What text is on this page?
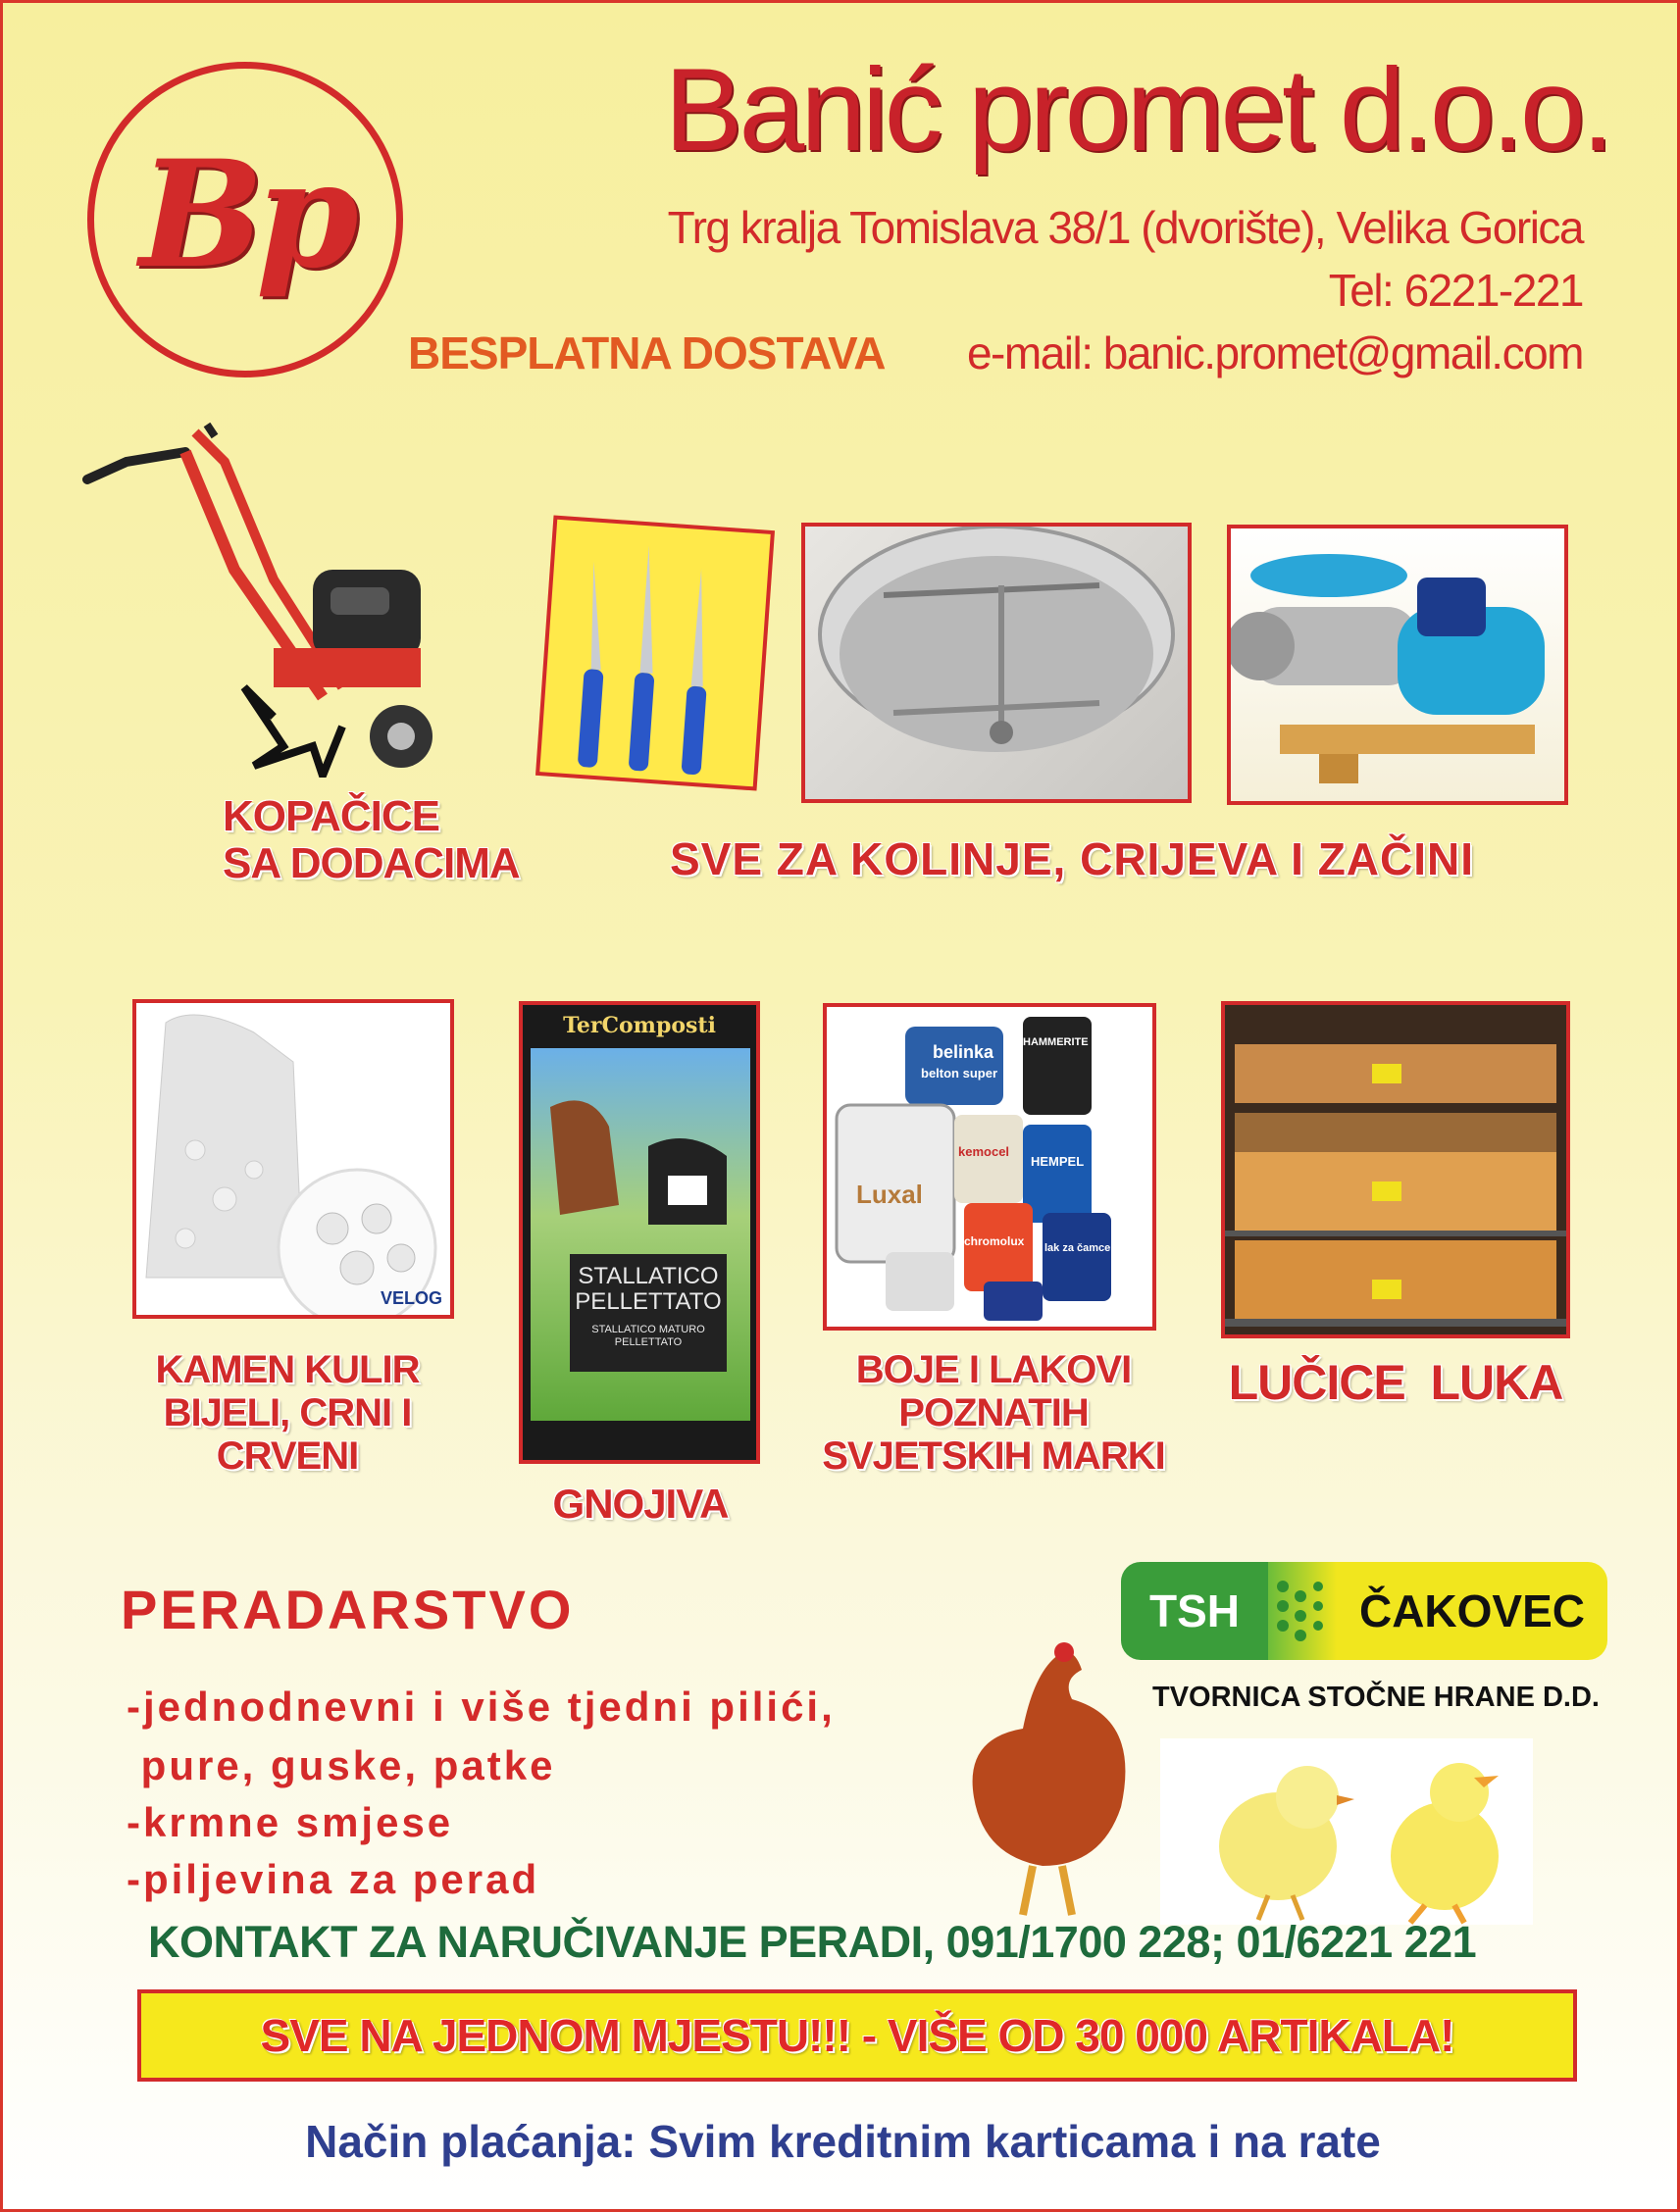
Bp
Banić promet d.o.o.
Trg kralja Tomislava 38/1 (dvorište), Velika Gorica
Tel: 6221-221
e-mail: banic.promet@gmail.com
BESPLATNA DOSTAVA
KOPAČICE
SA DODACIMA	SVE ZA KOLINJE, CRIJEVA I ZAČINI
VELOG
KAMEN KULIR
BIJELI, CRNI I
CRVENI
TerComposti
STALLATICO
PELLETTATO
STALLATICO MATURO
PELLETTATO
GNOJIVA
belinka
belton super
HAMMERITE
Luxal
chromolux
kemocel
HEMPEL
lak za čamce
BOJE I LAKOVI
POZNATIH
SVJETSKIH MARKI
LUČICE  LUKA
PERADARSTVO
-jednodnevni i više tjedni pilići,
pure, guske, patke
-krmne smjese
-piljevina za perad
TSH	ČAKOVEC
TVORNICA STOČNE HRANE D.D.
KONTAKT ZA NARUČIVANJE PERADI, 091/1700 228; 01/6221 221
SVE NA JEDNOM MJESTU!!! - VIŠE OD 30 000 ARTIKALA!
Način plaćanja: Svim kreditnim karticama i na rate
